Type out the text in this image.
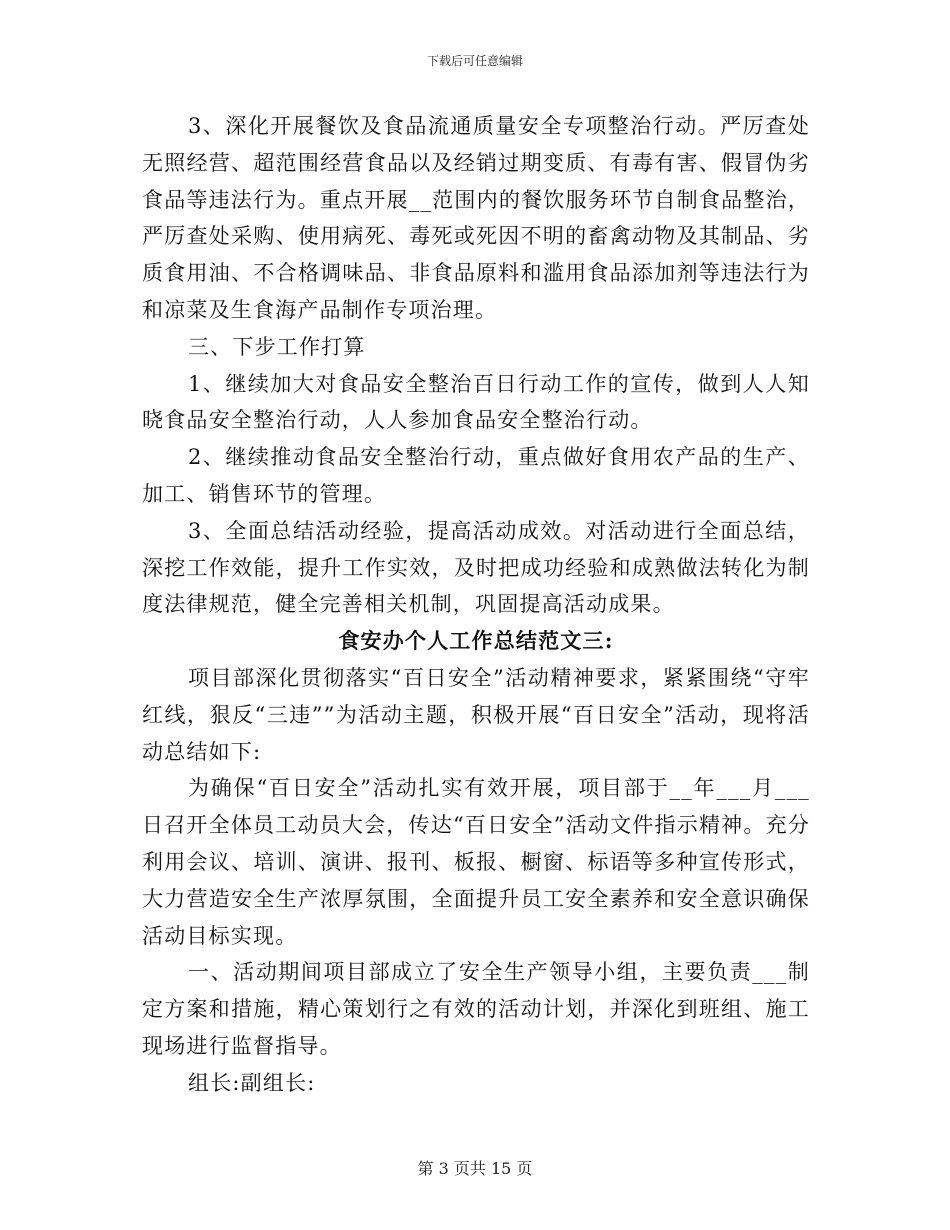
下载后可任意编辑

3、深化开展餐饮及食品流通质量安全专项整治行动。严厉查处无照经营、超范围经营食品以及经销过期变质、有毒有害、假冒伪劣食品等违法行为。重点开展__范围内的餐饮服务环节自制食品整治，严厉查处采购、使用病死、毒死或死因不明的畜禽动物及其制品、劣质食用油、不合格调味品、非食品原料和滥用食品添加剂等违法行为和凉菜及生食海产品制作专项治理。

三、下步工作打算

1、继续加大对食品安全整治百日行动工作的宣传，做到人人知晓食品安全整治行动，人人参加食品安全整治行动。

2、继续推动食品安全整治行动，重点做好食用农产品的生产、加工、销售环节的管理。

3、全面总结活动经验，提高活动成效。对活动进行全面总结，深挖工作效能，提升工作实效，及时把成功经验和成熟做法转化为制度法律规范，健全完善相关机制，巩固提高活动成果。

食安办个人工作总结范文三:

项目部深化贯彻落实“百日安全”活动精神要求，紧紧围绕“守牢红线，狠反“三违””为活动主题，积极开展“百日安全”活动，现将活动总结如下:

为确保“百日安全”活动扎实有效开展，项目部于__年___月___日召开全体员工动员大会，传达“百日安全”活动文件指示精神。充分利用会议、培训、演讲、报刊、板报、橱窗、标语等多种宣传形式，大力营造安全生产浓厚氛围，全面提升员工安全素养和安全意识确保活动目标实现。

一、活动期间项目部成立了安全生产领导小组，主要负责___制定方案和措施，精心策划行之有效的活动计划，并深化到班组、施工现场进行监督指导。

组长:副组长:

第 3 页共 15 页
